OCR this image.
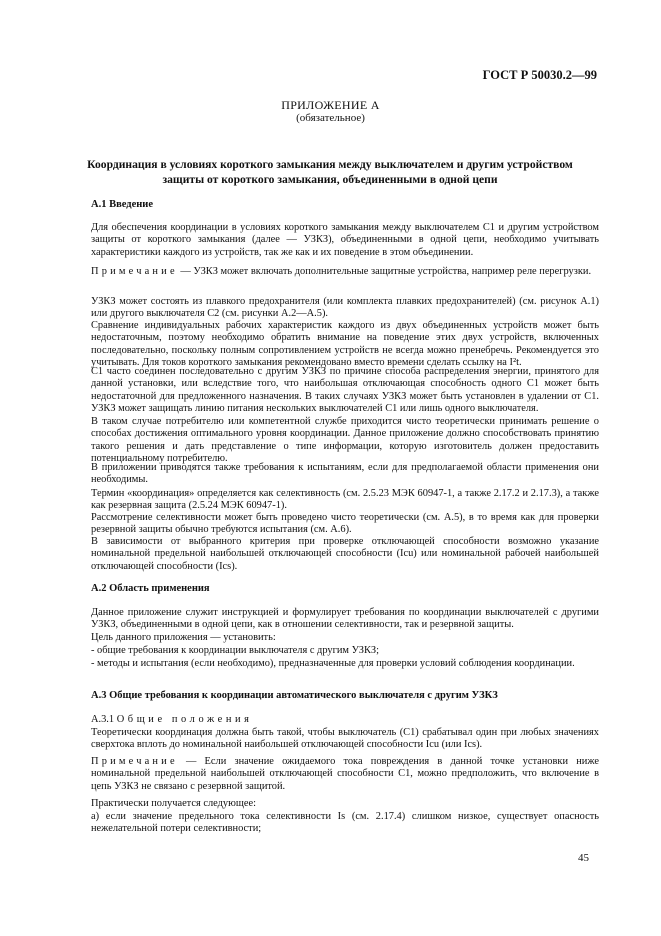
ГОСТ Р 50030.2—99
ПРИЛОЖЕНИЕ А
(обязательное)
Координация в условиях короткого замыкания между выключателем и другим устройством защиты от короткого замыкания, объединенными в одной цепи
А.1 Введение
Для обеспечения координации в условиях короткого замыкания между выключателем C1 и другим устройством защиты от короткого замыкания (далее — УЗКЗ), объединенными в одной цепи, необходимо учитывать характеристики каждого из устройств, так же как и их поведение в этом объединении.
Примечание — УЗКЗ может включать дополнительные защитные устройства, например реле перегрузки.
УЗКЗ может состоять из плавкого предохранителя (или комплекта плавких предохранителей) (см. рисунок А.1) или другого выключателя C2 (см. рисунки А.2—А.5).
Сравнение индивидуальных рабочих характеристик каждого из двух объединенных устройств может быть недостаточным, поэтому необходимо обратить внимание на поведение этих двух устройств, включенных последовательно, поскольку полным сопротивлением устройств не всегда можно пренебречь. Рекомендуется это учитывать. Для токов короткого замыкания рекомендовано вместо времени сделать ссылку на I²t.
C1 часто соединен последовательно с другим УЗКЗ по причине способа распределения энергии, принятого для данной установки, или вследствие того, что наибольшая отключающая способность одного C1 может быть недостаточной для предложенного назначения. В таких случаях УЗКЗ может быть установлен в удалении от C1. УЗКЗ может защищать линию питания нескольких выключателей C1 или лишь одного выключателя.
В таком случае потребителю или компетентной службе приходится чисто теоретически принимать решение о способах достижения оптимального уровня координации. Данное приложение должно способствовать принятию такого решения и дать представление о типе информации, которую изготовитель должен предоставить потенциальному потребителю.
В приложении приводятся также требования к испытаниям, если для предполагаемой области применения они необходимы.
Термин «координация» определяется как селективность (см. 2.5.23 МЭК 60947-1, а также 2.17.2 и 2.17.3), а также как резервная защита (2.5.24 МЭК 60947-1).
Рассмотрение селективности может быть проведено чисто теоретически (см. А.5), в то время как для проверки резервной защиты обычно требуются испытания (см. А.6).
В зависимости от выбранного критерия при проверке отключающей способности возможно указание номинальной предельной наибольшей отключающей способности (Icu) или номинальной рабочей наибольшей отключающей способности (Ics).
А.2 Область применения
Данное приложение служит инструкцией и формулирует требования по координации выключателей с другими УЗКЗ, объединенными в одной цепи, как в отношении селективности, так и резервной защиты.
Цель данного приложения — установить:
- общие требования к координации выключателя с другим УЗКЗ;
- методы и испытания (если необходимо), предназначенные для проверки условий соблюдения координации.
А.3 Общие требования к координации автоматического выключателя с другим УЗКЗ
А.3.1 Общие положения
Теоретически координация должна быть такой, чтобы выключатель (C1) срабатывал один при любых значениях сверхтока вплоть до номинальной наибольшей отключающей способности Icu (или Ics).
Примечание — Если значение ожидаемого тока повреждения в данной точке установки ниже номинальной предельной наибольшей отключающей способности C1, можно предположить, что включение в цепь УЗКЗ не связано с резервной защитой.
Практически получается следующее:
а) если значение предельного тока селективности Is (см. 2.17.4) слишком низкое, существует опасность нежелательной потери селективности;
45
